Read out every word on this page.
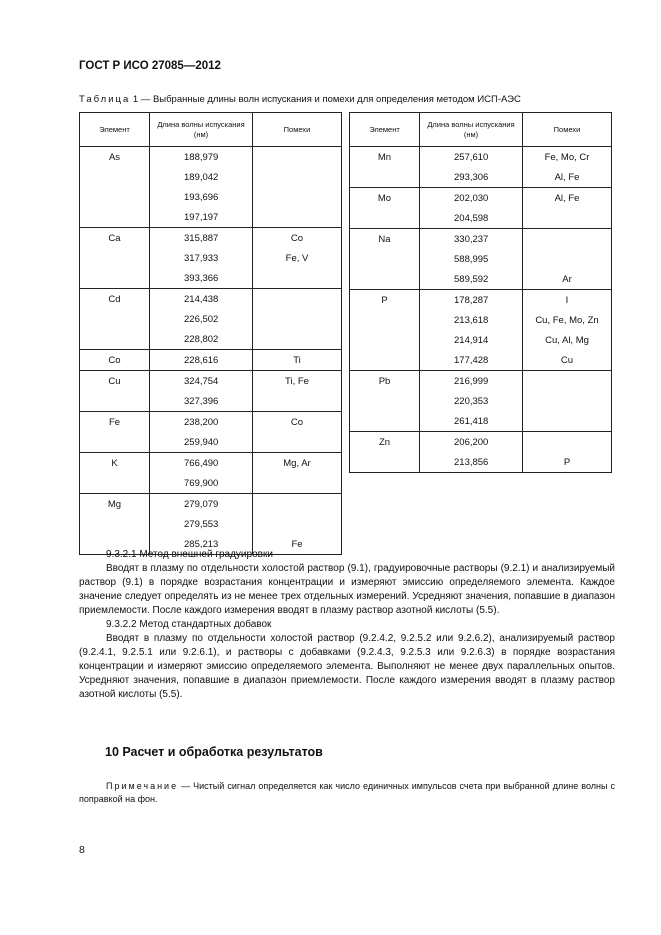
ГОСТ Р ИСО 27085—2012
Таблица 1 — Выбранные длины волн испускания и помехи для определения методом ИСП-АЭС
Элемент	Длина волны испускания (нм)	Помехи
As	188,979	
	189,042	
	193,696	
	197,197	
Ca	315,887	Co
	317,933	Fe, V
	393,366	
Cd	214,438	
	226,502	
	228,802	
Co	228,616	Ti
Cu	324,754	Ti, Fe
	327,396	
Fe	238,200	Co
	259,940	
K	766,490	Mg, Ar
	769,900	
Mg	279,079	
	279,553	
	285,213	Fe
Элемент	Длина волны испускания (нм)	Помехи
Mn	257,610	Fe, Mo, Cr
	293,306	Al, Fe
Mo	202,030	Al, Fe
	204,598	
Na	330,237	
	588,995	
	589,592	Ar
P	178,287	I
	213,618	Cu, Fe, Mo, Zn
	214,914	Cu, Al, Mg
	177,428	Cu
Pb	216,999	
	220,353	
	261,418	
Zn	206,200	
	213,856	P

9.3.2.1 Метод внешней градуировки

Вводят в плазму по отдельности холостой раствор (9.1), градуировочные растворы (9.2.1) и анализируемый раствор (9.1) в порядке возрастания концентрации и измеряют эмиссию определяемого элемента. Каждое значение следует определять из не менее трех отдельных измерений. Усредняют значения, попавшие в диапазон приемлемости. После каждого измерения вводят в плазму раствор азотной кислоты (5.5).

9.3.2.2 Метод стандартных добавок

Вводят в плазму по отдельности холостой раствор (9.2.4.2, 9.2.5.2 или 9.2.6.2), анализируемый раствор (9.2.4.1, 9.2.5.1 или 9.2.6.1), и растворы с добавками (9.2.4.3, 9.2.5.3 или 9.2.6.3) в порядке возрастания концентрации и измеряют эмиссию определяемого элемента. Выполняют не менее двух параллельных опытов. Усредняют значения, попавшие в диапазон приемлемости. После каждого измерения вводят в плазму раствор азотной кислоты (5.5).

10 Расчет и обработка результатов
Примечание — Чистый сигнал определяется как число единичных импульсов счета при выбранной длине волны с поправкой на фон.
8
